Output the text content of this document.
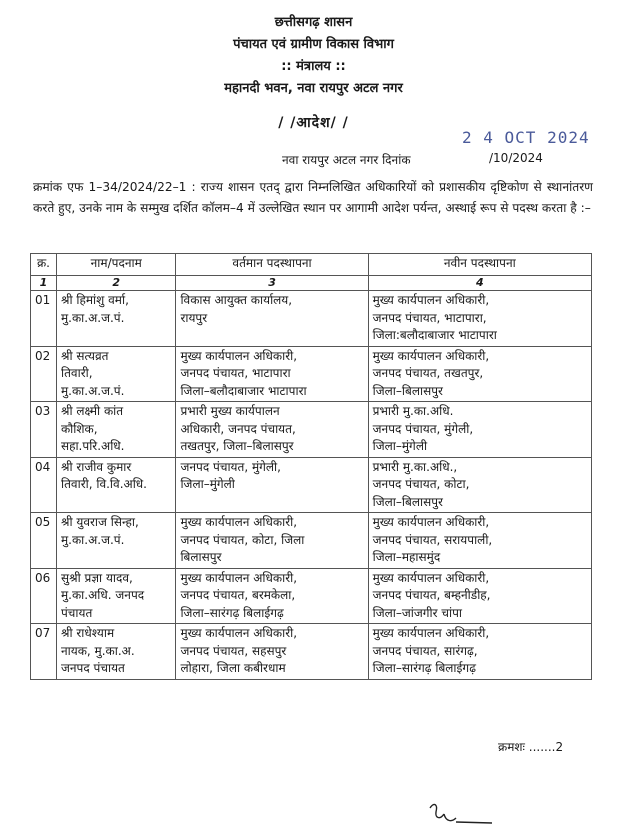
छत्तीसगढ़ शासन
पंचायत एवं ग्रामीण विकास विभाग
:: मंत्रालय ::
महानदी भवन, नवा रायपुर अटल नगर
/ /आदेश/ /
2 4 OCT 2024
नवा रायपुर अटल नगर दिनांक	/10/2024
क्रमांक एफ 1–34/2024/22–1 : राज्य शासन एतद् द्वारा निम्नलिखित अधिकारियों को प्रशासकीय दृष्टिकोण से स्थानांतरण करते हुए, उनके नाम के सम्मुख दर्शित कॉलम–4 में उल्लेखित स्थान पर आगामी आदेश पर्यन्त, अस्थाई रूप से पदस्थ करता है :–
क्र.	नाम/पदनाम	वर्तमान पदस्थापना	नवीन पदस्थापना
1	2	3	4
01	श्री हिमांशु वर्मा,
मु.का.अ.ज.पं.	विकास आयुक्त कार्यालय,
रायपुर	मुख्य कार्यपालन अधिकारी,
जनपद पंचायत, भाटापारा,
जिला:बलौदाबाजार भाटापारा

02	श्री सत्यव्रत
तिवारी,
मु.का.अ.ज.पं.	मुख्य कार्यपालन अधिकारी,
जनपद पंचायत, भाटापारा
जिला–बलौदाबाजार भाटापारा	मुख्य कार्यपालन अधिकारी,
जनपद पंचायत, तखतपुर,
जिला–बिलासपुर

03	श्री लक्ष्मी कांत
कौशिक,
सहा.परि.अधि.	प्रभारी मुख्य कार्यपालन
अधिकारी, जनपद पंचायत,
तखतपुर, जिला–बिलासपुर	प्रभारी मु.का.अधि.
जनपद पंचायत, मुंगेली,
जिला–मुंगेली

04	श्री राजीव कुमार
तिवारी, वि.वि.अधि.	जनपद पंचायत, मुंगेली,
जिला–मुंगेली	प्रभारी मु.का.अधि.,
जनपद पंचायत, कोटा,
जिला–बिलासपुर

05	श्री युवराज सिन्हा,
मु.का.अ.ज.पं.	मुख्य कार्यपालन अधिकारी,
जनपद पंचायत, कोटा, जिला
बिलासपुर	मुख्य कार्यपालन अधिकारी,
जनपद पंचायत, सरायपाली,
जिला–महासमुंद

06	सुश्री प्रज्ञा यादव,
मु.का.अधि. जनपद
पंचायत	मुख्य कार्यपालन अधिकारी,
जनपद पंचायत, बरमकेला,
जिला–सारंगढ़ बिलाईगढ़	मुख्य कार्यपालन अधिकारी,
जनपद पंचायत, बम्हनीडीह,
जिला–जांजगीर चांपा

07	श्री राधेश्याम
नायक, मु.का.अ.
जनपद पंचायत	मुख्य कार्यपालन अधिकारी,
जनपद पंचायत, सहसपुर
लोहारा, जिला कबीरधाम	मुख्य कार्यपालन अधिकारी,
जनपद पंचायत, सारंगढ़,
जिला–सारंगढ़ बिलाईगढ़
क्रमशः .......2
